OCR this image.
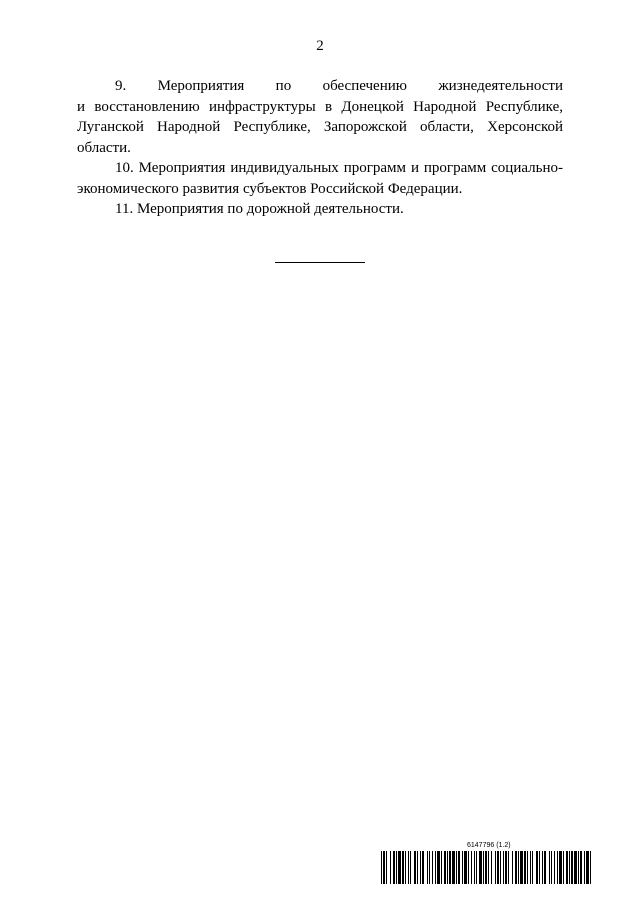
2

9. Мероприятия по обеспечению жизнедеятельности

и восстановлению инфраструктуры в Донецкой Народной Республике, Луганской Народной Республике, Запорожской области, Херсонской области.

10. Мероприятия индивидуальных программ и программ социально-экономического развития субъектов Российской Федерации.

11. Мероприятия по дорожной деятельности.

6147796 (1.2)
